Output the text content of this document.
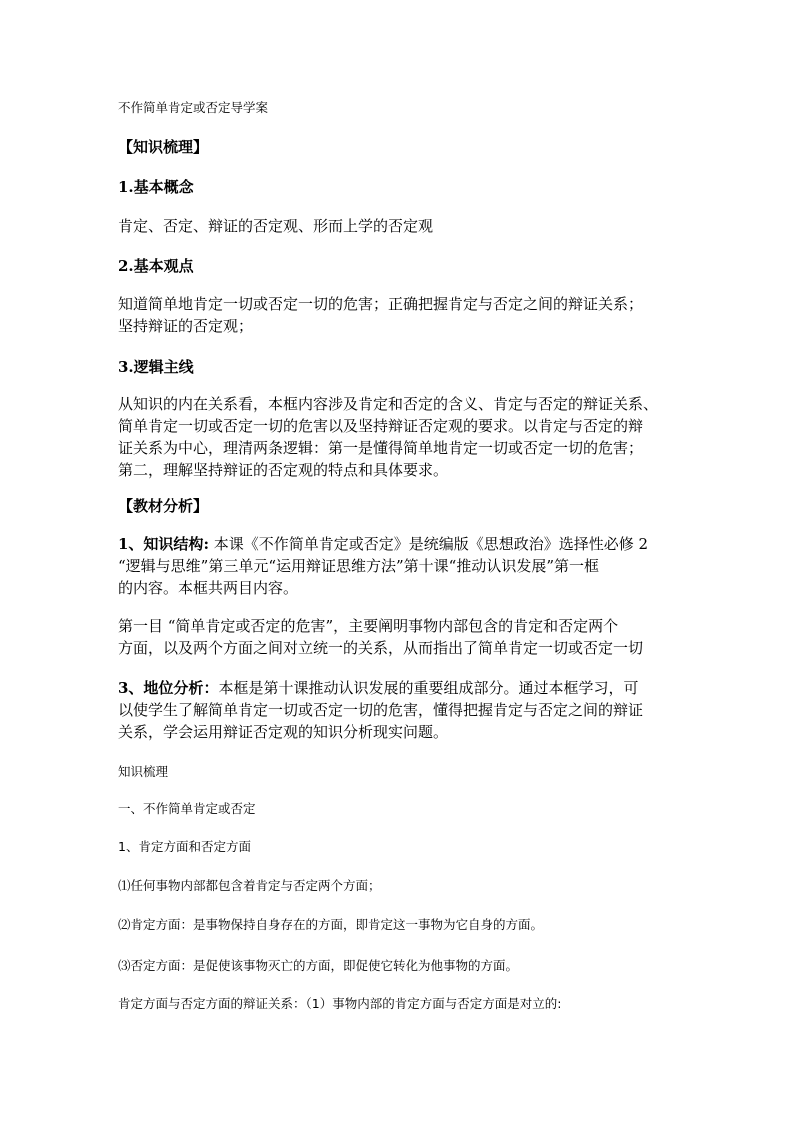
不作简单肯定或否定导学案
【知识梳理】
1.基本概念
肯定、否定、辩证的否定观、形而上学的否定观
2.基本观点
知道简单地肯定一切或否定一切的危害；正确把握肯定与否定之间的辩证关系；
坚持辩证的否定观；
3.逻辑主线
从知识的内在关系看，本框内容涉及肯定和否定的含义、肯定与否定的辩证关系、
简单肯定一切或否定一切的危害以及坚持辩证否定观的要求。以肯定与否定的辩
证关系为中心，理清两条逻辑：第一是懂得简单地肯定一切或否定一切的危害；
第二，理解坚持辩证的否定观的特点和具体要求。
【教材分析】
1、知识结构: 本课《不作简单肯定或否定》是统编版《思想政治》选择性必修 2
“逻辑与思维”第三单元“运用辩证思维方法”第十课“推动认识发展”第一框
的内容。本框共两目内容。
第一目 “简单肯定或否定的危害”，主要阐明事物内部包含的肯定和否定两个
方面，以及两个方面之间对立统一的关系，从而指出了简单肯定一切或否定一切
3、地位分析：本框是第十课推动认识发展的重要组成部分。通过本框学习，可
以使学生了解简单肯定一切或否定一切的危害，懂得把握肯定与否定之间的辩证
关系，学会运用辩证否定观的知识分析现实问题。
知识梳理
一、不作简单肯定或否定
1、肯定方面和否定方面
⑴任何事物内部都包含着肯定与否定两个方面；
⑵肯定方面：是事物保持自身存在的方面，即肯定这一事物为它自身的方面。
⑶否定方面：是促使该事物灭亡的方面，即促使它转化为他事物的方面。
肯定方面与否定方面的辩证关系：（1）事物内部的肯定方面与否定方面是对立的:
